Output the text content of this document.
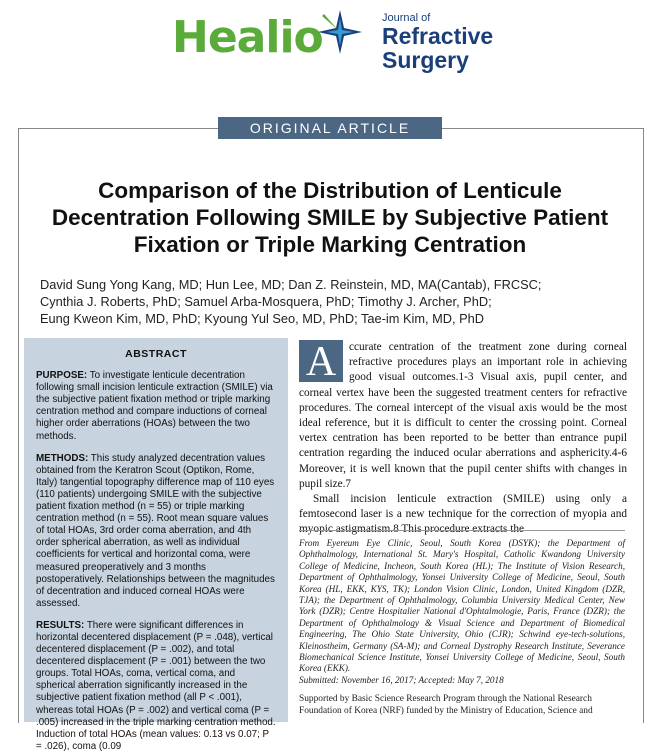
Healio	Journal of
Refractive
Surgery
ORIGINAL ARTICLE
Comparison of the Distribution of Lenticule Decentration Following SMILE by Subjective Patient Fixation or Triple Marking Centration
David Sung Yong Kang, MD; Hun Lee, MD; Dan Z. Reinstein, MD, MA(Cantab), FRCSC;
Cynthia J. Roberts, PhD; Samuel Arba-Mosquera, PhD; Timothy J. Archer, PhD;
Eung Kweon Kim, MD, PhD; Kyoung Yul Seo, MD, PhD; Tae-im Kim, MD, PhD
ABSTRACT

PURPOSE: To investigate lenticule decentration following small incision lenticule extraction (SMILE) via the subjective patient fixation method or triple marking centration method and compare inductions of corneal higher order aberrations (HOAs) between the two methods.

METHODS: This study analyzed decentration values obtained from the Keratron Scout (Optikon, Rome, Italy) tangential topography difference map of 110 eyes (110 patients) undergoing SMILE with the subjective patient fixation method (n = 55) or triple marking centration method (n = 55). Root mean square values of total HOAs, 3rd order coma aberration, and 4th order spherical aberration, as well as individual coefficients for vertical and horizontal coma, were measured preoperatively and 3 months postoperatively. Relationships between the magnitudes of decentration and induced corneal HOAs were assessed.

RESULTS: There were significant differences in horizontal decentered displacement (P = .048), vertical decentered displacement (P = .002), and total decentered displacement (P = .001) between the two groups. Total HOAs, coma, vertical coma, and spherical aberration significantly increased in the subjective patient fixation method (all P < .001), whereas total HOAs (P = .002) and vertical coma (P = .005) increased in the triple marking centration method. Induction of total HOAs (mean values: 0.13 vs 0.07; P = .026), coma (0.09

A	ccurate centration of the treatment zone during corneal refractive procedures plays an important role in achieving good visual outcomes.1-3 Visual axis, pupil center, and corneal vertex have been the suggested treatment centers for refractive procedures. The corneal intercept of the visual axis would be the most ideal reference, but it is difficult to center the crossing point. Corneal vertex centration has been reported to be better than entrance pupil centration regarding the induced ocular aberrations and asphericity.4-6 Moreover, it is well known that the pupil center shifts with changes in pupil size.7

Small incision lenticule extraction (SMILE) using only a femtosecond laser is a new technique for the correction of myopia and myopic astigmatism.8 This procedure extracts the

From Eyereum Eye Clinic, Seoul, South Korea (DSYK); the Department of Ophthalmology, International St. Mary's Hospital, Catholic Kwandong University College of Medicine, Incheon, South Korea (HL); The Institute of Vision Research, Department of Ophthalmology, Yonsei University College of Medicine, Seoul, South Korea (HL, EKK, KYS, TK); London Vision Clinic, London, United Kingdom (DZR, TJA); the Department of Ophthalmology, Columbia University Medical Center, New York (DZR); Centre Hospitalier National d'Ophtalmologie, Paris, France (DZR); the Department of Ophthalmology & Visual Science and Department of Biomedical Engineering, The Ohio State University, Ohio (CJR); Schwind eye-tech-solutions, Kleinostheim, Germany (SA-M); and Corneal Dystrophy Research Institute, Severance Biomechanical Science Institute, Yonsei University College of Medicine, Seoul, South Korea (EKK).
Submitted: November 16, 2017; Accepted: May 7, 2018
Supported by Basic Science Research Program through the National Research Foundation of Korea (NRF) funded by the Ministry of Education, Science and
